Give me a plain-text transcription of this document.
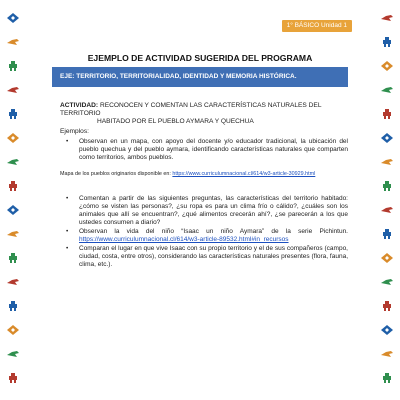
1° BÁSICO Unidad 1
EJEMPLO DE ACTIVIDAD SUGERIDA DEL PROGRAMA
EJE: TERRITORIO, TERRITORIALIDAD, IDENTIDAD Y MEMORIA HISTÓRICA.
ACTIVIDAD: RECONOCEN Y COMENTAN LAS CARACTERÍSTICAS NATURALES DEL TERRITORIO
HABITADO POR EL PUEBLO AYMARA Y QUECHUA
Ejemplos:
• Observan en un mapa, con apoyo del docente y/o educador tradicional, la ubicación del pueblo quechua y del pueblo aymara, identificando características naturales que comparten como territorios, ambos pueblos.
Mapa de los pueblos originarios disponible en: https://www.curriculumnacional.cl/614/w3-article-30929.html
• Comentan a partir de las siguientes preguntas, las características del territorio habitado: ¿cómo se visten las personas?, ¿su ropa es para un clima frío o cálido?, ¿cuáles son los animales que allí se encuentran?, ¿qué alimentos crecerán ahí?, ¿se parecerán a los que ustedes consumen a diario?
• Observan la vida del niño “Isaac un niño Aymara” de la serie Pichintun. https://www.curriculumnacional.cl/614/w3-article-89532.html#in_recursos
• Comparan el lugar en que vive Isaac con su propio territorio y el de sus compañeros (campo, ciudad, costa, entre otros), considerando las características naturales presentes (flora, fauna, clima, etc.).
